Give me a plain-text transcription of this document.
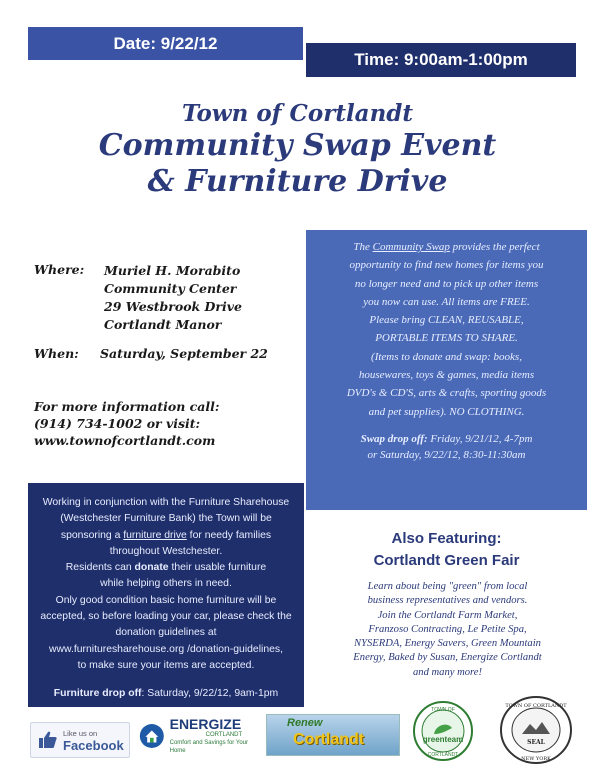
Date: 9/22/12
Time: 9:00am-1:00pm
Town of Cortlandt
Community Swap Event
& Furniture Drive
Where: Muriel H. Morabito
Community Center
29 Westbrook Drive
Cortlandt Manor
When: Saturday, September 22
For more information call:
(914) 734-1002 or visit:
www.townofcortlandt.com
The Community Swap provides the perfect
opportunity to find new homes for items you
no longer need and to pick up other items
you now can use. All items are FREE.
Please bring CLEAN, REUSABLE,
PORTABLE ITEMS TO SHARE.
(Items to donate and swap: books,
housewares, toys & games, media items
DVD's & CD'S, arts & crafts, sporting goods
and pet supplies). NO CLOTHING.
Swap drop off: Friday, 9/21/12, 4-7pm
or Saturday, 9/22/12, 8:30-11:30am
Working in conjunction with the Furniture Sharehouse
(Westchester Furniture Bank) the Town will be
sponsoring a furniture drive for needy families
throughout Westchester.
Residents can donate their usable furniture
while helping others in need.
Only good condition basic home furniture will be
accepted, so before loading your car, please check the
donation guidelines at
www.furnituresharehouse.org /donation-guidelines,
to make sure your items are accepted.
Furniture drop off: Saturday, 9/22/12, 9am-1pm
Also Featuring:
Cortlandt Green Fair
Learn about being "green" from local
business representatives and vendors.
Join the Cortlandt Farm Market,
Franzoso Contracting, Le Petite Spa,
NYSERDA, Energy Savers, Green Mountain
Energy, Baked by Susan, Energize Cortlandt
and many more!
Like us on
Facebook
ENERGIZE
CORTLANDT
Comfort and Savings for Your Home
Renew
Cortlandt
TOWN OF
greenteam
CORTLANDT
TOWN OF CORTLANDT
SEAL
NEW YORK
